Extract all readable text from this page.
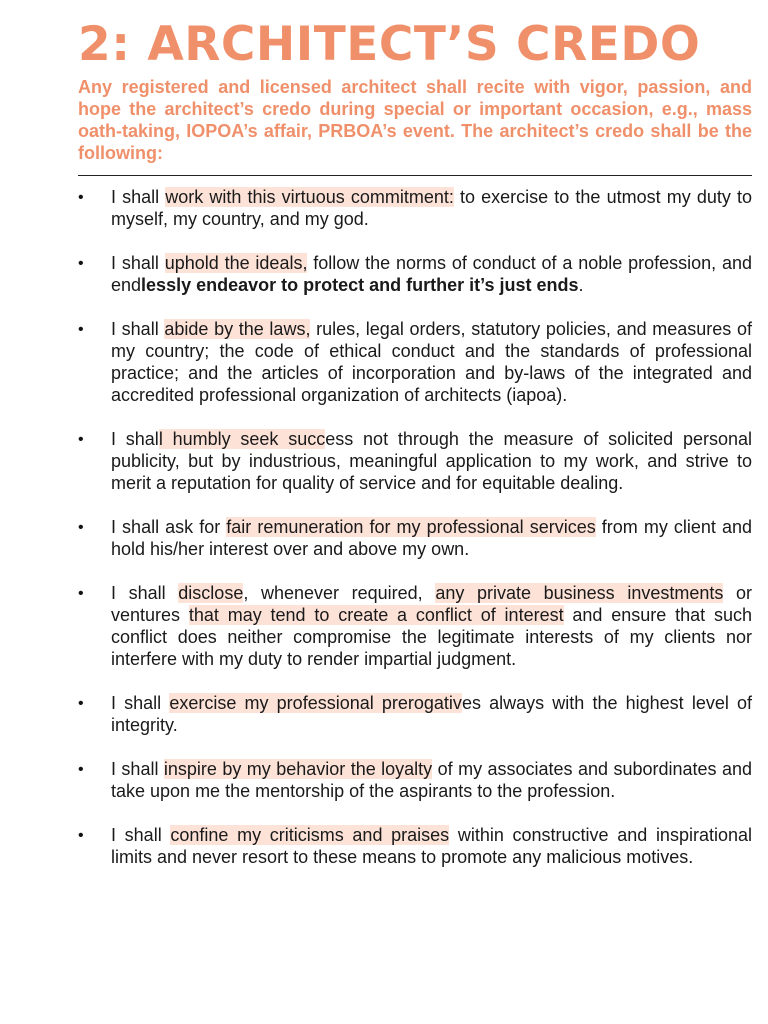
2: ARCHITECT’S CREDO

Any registered and licensed architect shall recite with vigor, passion, and hope the architect’s credo during special or important occasion, e.g., mass oath-taking, IOPOA’s affair, PRBOA’s event. The architect’s credo shall be the following:

• I shall work with this virtuous commitment: to exercise to the utmost my duty to myself, my country, and my god.
• I shall uphold the ideals, follow the norms of conduct of a noble profession, and endlessly endeavor to protect and further it’s just ends.
• I shall abide by the laws, rules, legal orders, statutory policies, and measures of my country; the code of ethical conduct and the standards of professional practice; and the articles of incorporation and by-laws of the integrated and accredited professional organization of architects (iapoa).
• I shall humbly seek success not through the measure of solicited personal publicity, but by industrious, meaningful application to my work, and strive to merit a reputation for quality of service and for equitable dealing.
• I shall ask for fair remuneration for my professional services from my client and hold his/her interest over and above my own.
• I shall disclose, whenever required, any private business investments or ventures that may tend to create a conflict of interest and ensure that such conflict does neither compromise the legitimate interests of my clients nor interfere with my duty to render impartial judgment.
• I shall exercise my professional prerogatives always with the highest level of integrity.
• I shall inspire by my behavior the loyalty of my associates and subordinates and take upon me the mentorship of the aspirants to the profession.
• I shall confine my criticisms and praises within constructive and inspirational limits and never resort to these means to promote any malicious motives.
